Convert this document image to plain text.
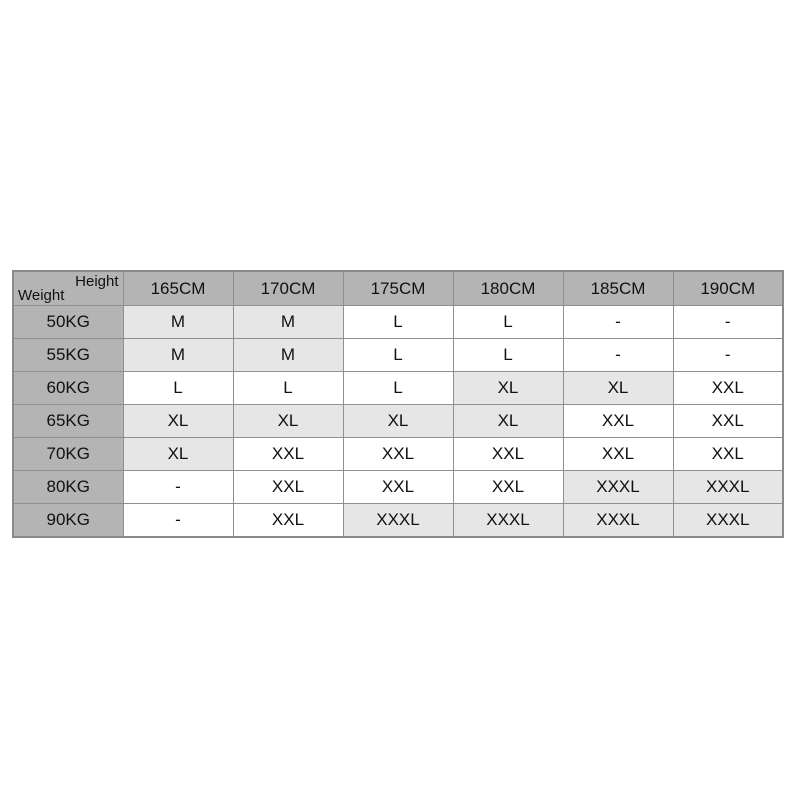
Height
Weight	165CM	170CM	175CM	180CM	185CM	190CM
50KG	M	M	L	L	-	-
55KG	M	M	L	L	-	-
60KG	L	L	L	XL	XL	XXL
65KG	XL	XL	XL	XL	XXL	XXL
70KG	XL	XXL	XXL	XXL	XXL	XXL
80KG	-	XXL	XXL	XXL	XXXL	XXXL
90KG	-	XXL	XXXL	XXXL	XXXL	XXXL
